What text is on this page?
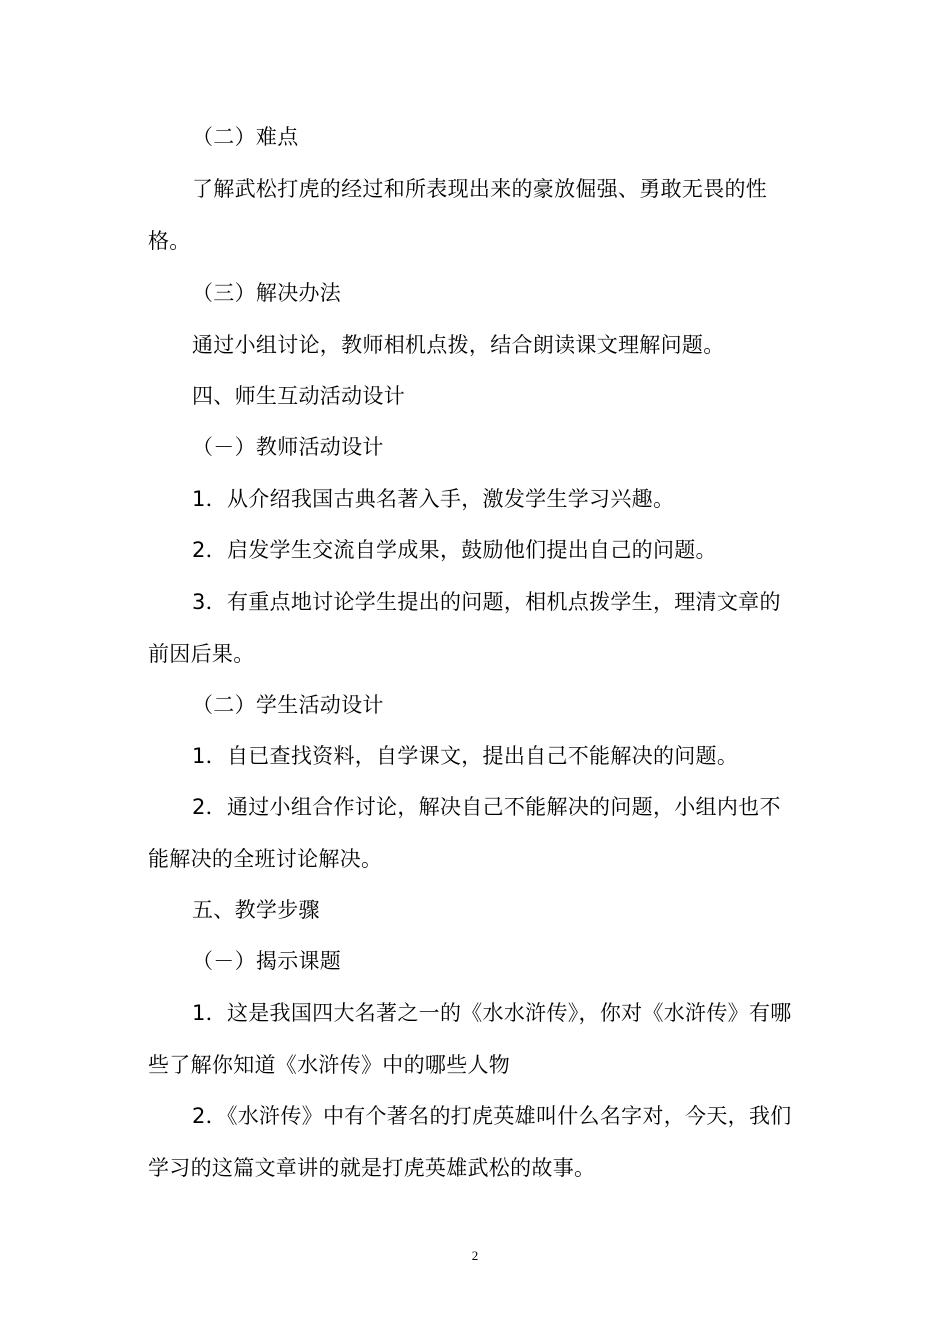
（二）难点

了解武松打虎的经过和所表现出来的豪放倔强、勇敢无畏的性格。

（三）解决办法

通过小组讨论，教师相机点拨，结合朗读课文理解问题。

四、师生互动活动设计

（－）教师活动设计

1．从介绍我国古典名著入手，激发学生学习兴趣。

2．启发学生交流自学成果，鼓励他们提出自己的问题。

3．有重点地讨论学生提出的问题，相机点拨学生，理清文章的前因后果。

（二）学生活动设计

1．自已查找资料，自学课文，提出自己不能解决的问题。

2．通过小组合作讨论，解决自己不能解决的问题，小组内也不能解决的全班讨论解决。

五、教学步骤

（－）揭示课题

1．这是我国四大名著之一的《水水浒传》，你对《水浒传》有哪些了解你知道《水浒传》中的哪些人物

2．《水浒传》中有个著名的打虎英雄叫什么名字对，今天，我们学习的这篇文章讲的就是打虎英雄武松的故事。

2
